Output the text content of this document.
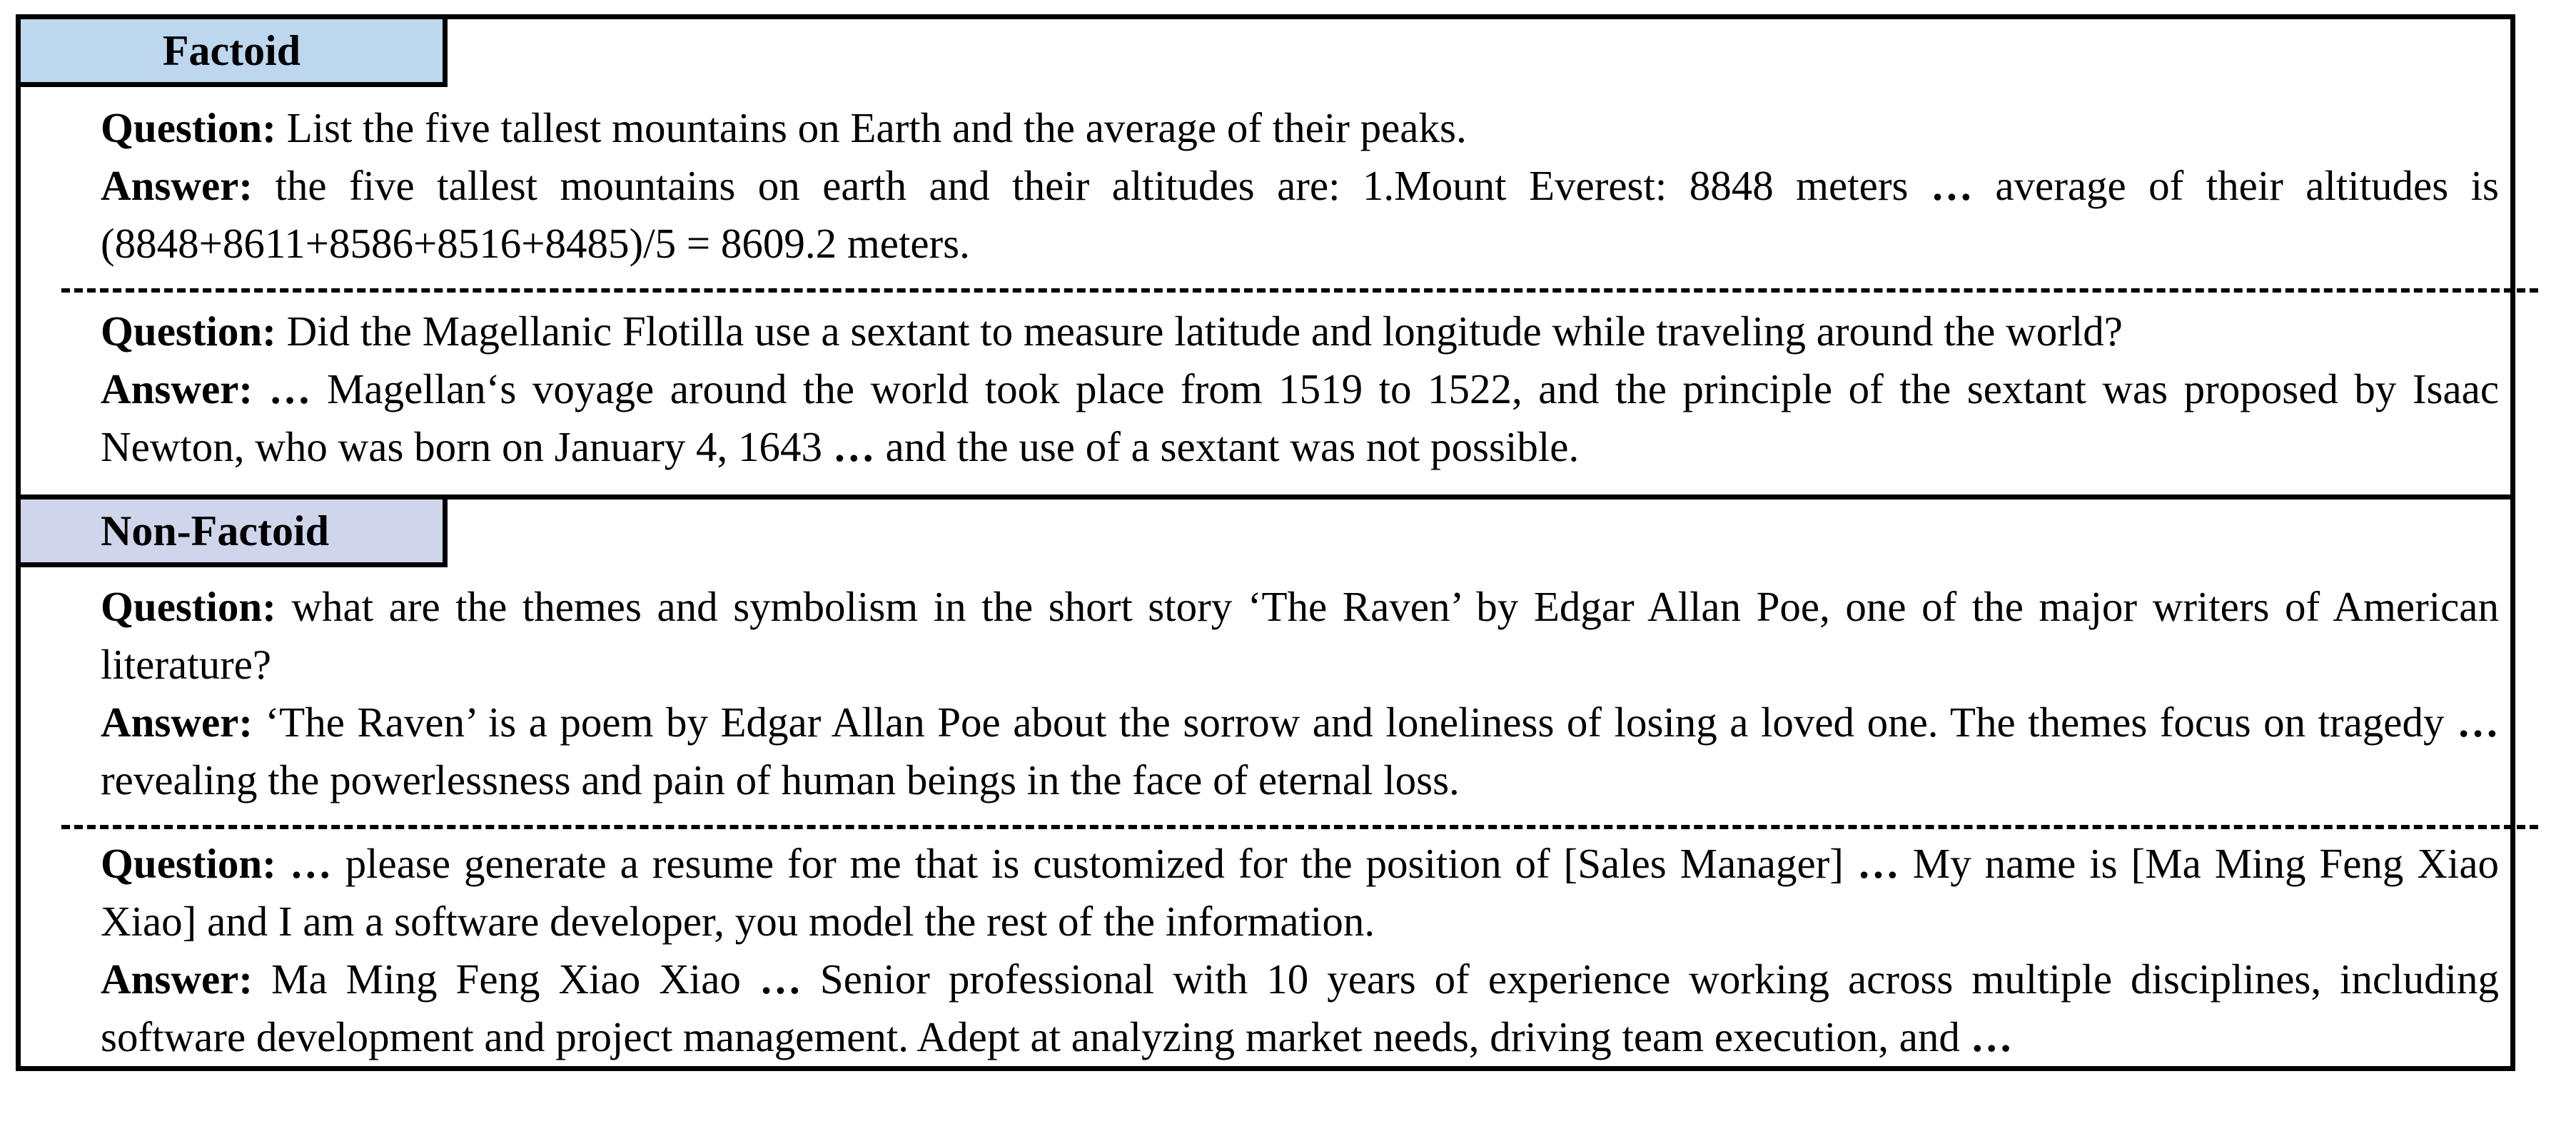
Factoid

Question: List the five tallest mountains on Earth and the average of their peaks.

Answer: the five tallest mountains on earth and their altitudes are: 1.Mount Everest: 8848 meters … average of their altitudes is (8848+8611+8586+8516+8485)/5 = 8609.2 meters.

Question: Did the Magellanic Flotilla use a sextant to measure latitude and longitude while traveling around the world?

Answer: … Magellan‘s voyage around the world took place from 1519 to 1522, and the principle of the sextant was proposed by Isaac Newton, who was born on January 4, 1643 … and the use of a sextant was not possible.

Non-Factoid

Question: what are the themes and symbolism in the short story ‘The Raven’ by Edgar Allan Poe, one of the major writers of American literature?

Answer: ‘The Raven’ is a poem by Edgar Allan Poe about the sorrow and loneliness of losing a loved one. The themes focus on tragedy … revealing the powerlessness and pain of human beings in the face of eternal loss.

Question: … please generate a resume for me that is customized for the position of [Sales Manager] … My name is [Ma Ming Feng Xiao Xiao] and I am a software developer, you model the rest of the information.

Answer: Ma Ming Feng Xiao Xiao … Senior professional with 10 years of experience working across multiple disciplines, including software development and project management. Adept at analyzing market needs, driving team execution, and …
